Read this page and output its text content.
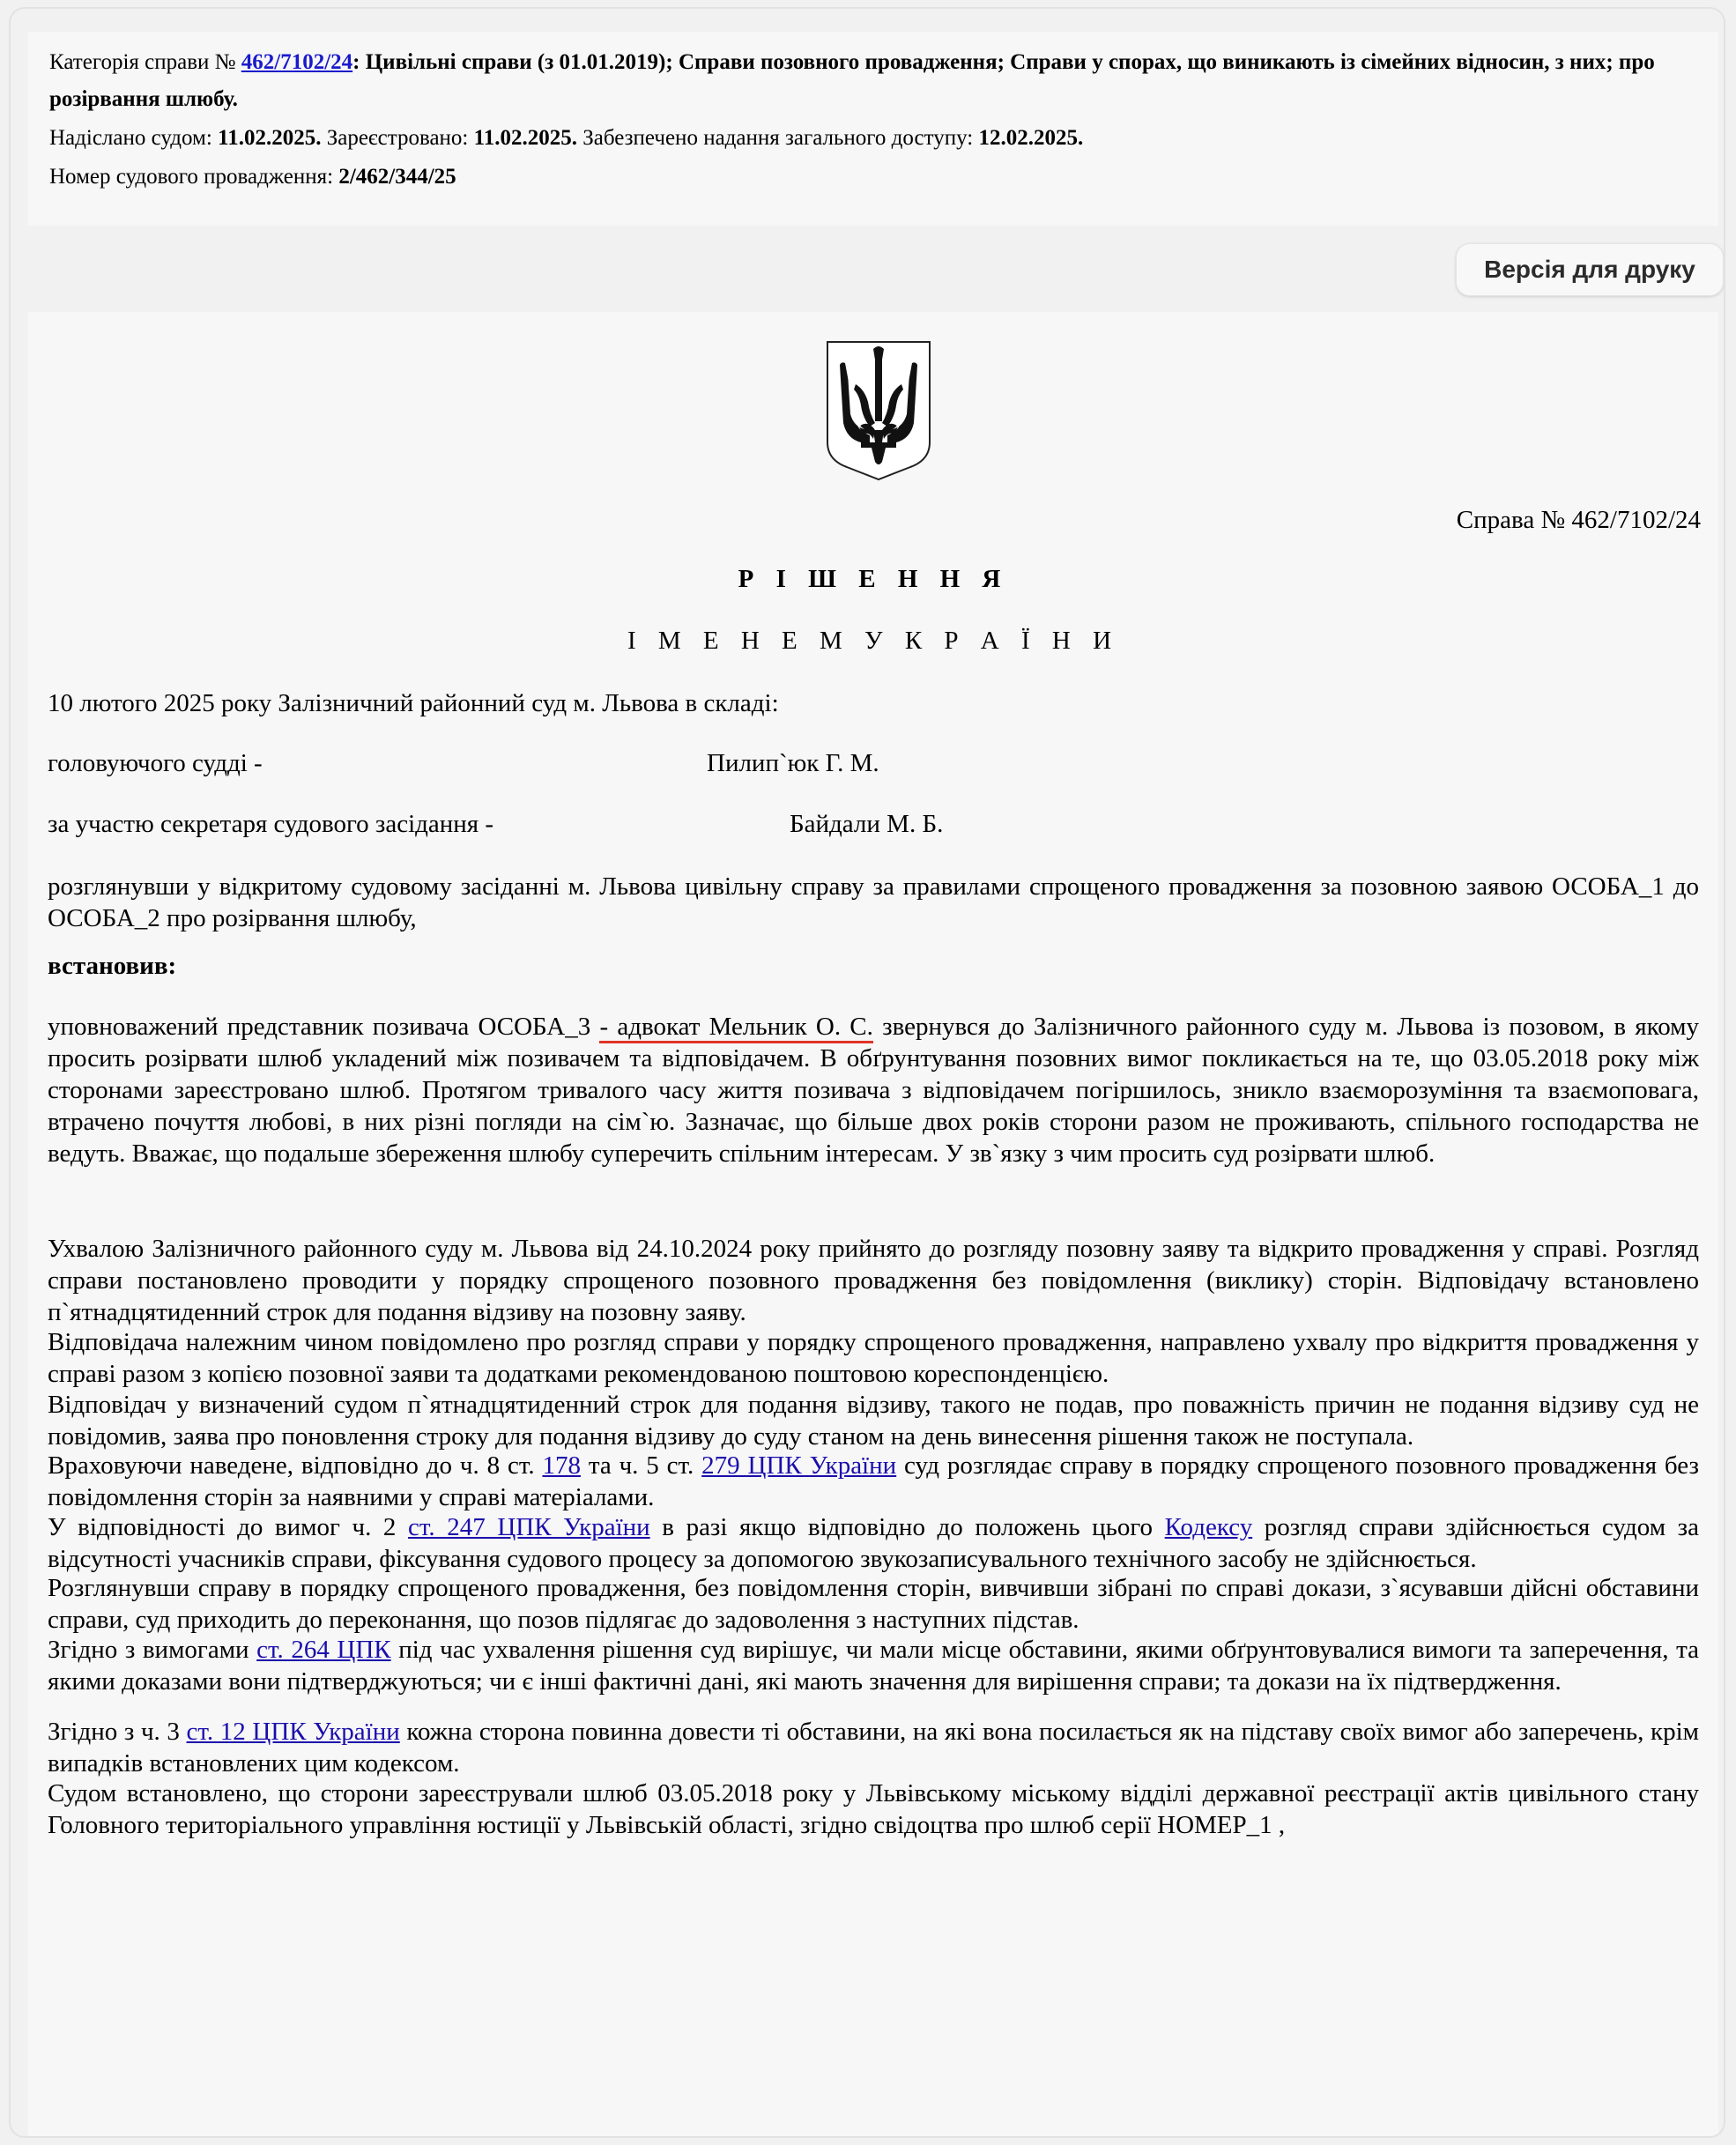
Категорія справи № 462/7102/24: Цивільні справи (з 01.01.2019); Справи позовного провадження; Справи у спорах, що виникають із сімейних відносин, з них; про розірвання шлюбу.

Надіслано судом: 11.02.2025. Зареєстровано: 11.02.2025. Забезпечено надання загального доступу: 12.02.2025.

Номер судового провадження: 2/462/344/25

Версія для друку
Справа № 462/7102/24
Р І Ш Е Н Н Я
І М Е Н Е М У К Р А Ї Н И
10 лютого 2025 року Залізничний районний суд м. Львова в складі:
головуючого судді -	Пилип`юк Г. М.
за участю секретаря судового засідання -	Байдали М. Б.

розглянувши у відкритому судовому засіданні м. Львова цивільну справу за правилами спрощеного провадження за позовною заявою ОСОБА_1 до ОСОБА_2 про розірвання шлюбу,

встановив:

уповноважений представник позивача ОСОБА_3 - адвокат Мельник О. С. звернувся до Залізничного районного суду м. Львова із позовом, в якому просить розірвати шлюб укладений між позивачем та відповідачем. В обґрунтування позовних вимог покликається на те, що 03.05.2018 року між сторонами зареєстровано шлюб. Протягом тривалого часу життя позивача з відповідачем погіршилось, зникло взаєморозуміння та взаємоповага, втрачено почуття любові, в них різні погляди на сім`ю. Зазначає, що більше двох років сторони разом не проживають, спільного господарства не ведуть. Вважає, що подальше збереження шлюбу суперечить спільним інтересам. У зв`язку з чим просить суд розірвати шлюб.

Ухвалою Залізничного районного суду м. Львова від 24.10.2024 року прийнято до розгляду позовну заяву та відкрито провадження у справі. Розгляд справи постановлено проводити у порядку спрощеного позовного провадження без повідомлення (виклику) сторін. Відповідачу встановлено п`ятнадцятиденний строк для подання відзиву на позовну заяву.

Відповідача належним чином повідомлено про розгляд справи у порядку спрощеного провадження, направлено ухвалу про відкриття провадження у справі разом з копією позовної заяви та додатками рекомендованою поштовою кореспонденцією.

Відповідач у визначений судом п`ятнадцятиденний строк для подання відзиву, такого не подав, про поважність причин не подання відзиву суд не повідомив, заява про поновлення строку для подання відзиву до суду станом на день винесення рішення також не поступала.

Враховуючи наведене, відповідно до ч. 8 ст. 178 та ч. 5 ст. 279 ЦПК України суд розглядає справу в порядку спрощеного позовного провадження без повідомлення сторін за наявними у справі матеріалами.

У відповідності до вимог ч. 2 ст. 247 ЦПК України в разі якщо відповідно до положень цього Кодексу розгляд справи здійснюється судом за відсутності учасників справи, фіксування судового процесу за допомогою звукозаписувального технічного засобу не здійснюється.

Розглянувши справу в порядку спрощеного провадження, без повідомлення сторін, вивчивши зібрані по справі докази, з`ясувавши дійсні обставини справи, суд приходить до переконання, що позов підлягає до задоволення з наступних підстав.

Згідно з вимогами ст. 264 ЦПК під час ухвалення рішення суд вирішує, чи мали місце обставини, якими обґрунтовувалися вимоги та заперечення, та якими доказами вони підтверджуються; чи є інші фактичні дані, які мають значення для вирішення справи; та докази на їх підтвердження.

Згідно з ч. 3 ст. 12 ЦПК України кожна сторона повинна довести ті обставини, на які вона посилається як на підставу своїх вимог або заперечень, крім випадків встановлених цим кодексом.

Судом встановлено, що сторони зареєстрували шлюб 03.05.2018 року у Львівському міському відділі державної реєстрації актів цивільного стану Головного територіального управління юстиції у Львівській області, згідно свідоцтва про шлюб серії НОМЕР_1 ,
